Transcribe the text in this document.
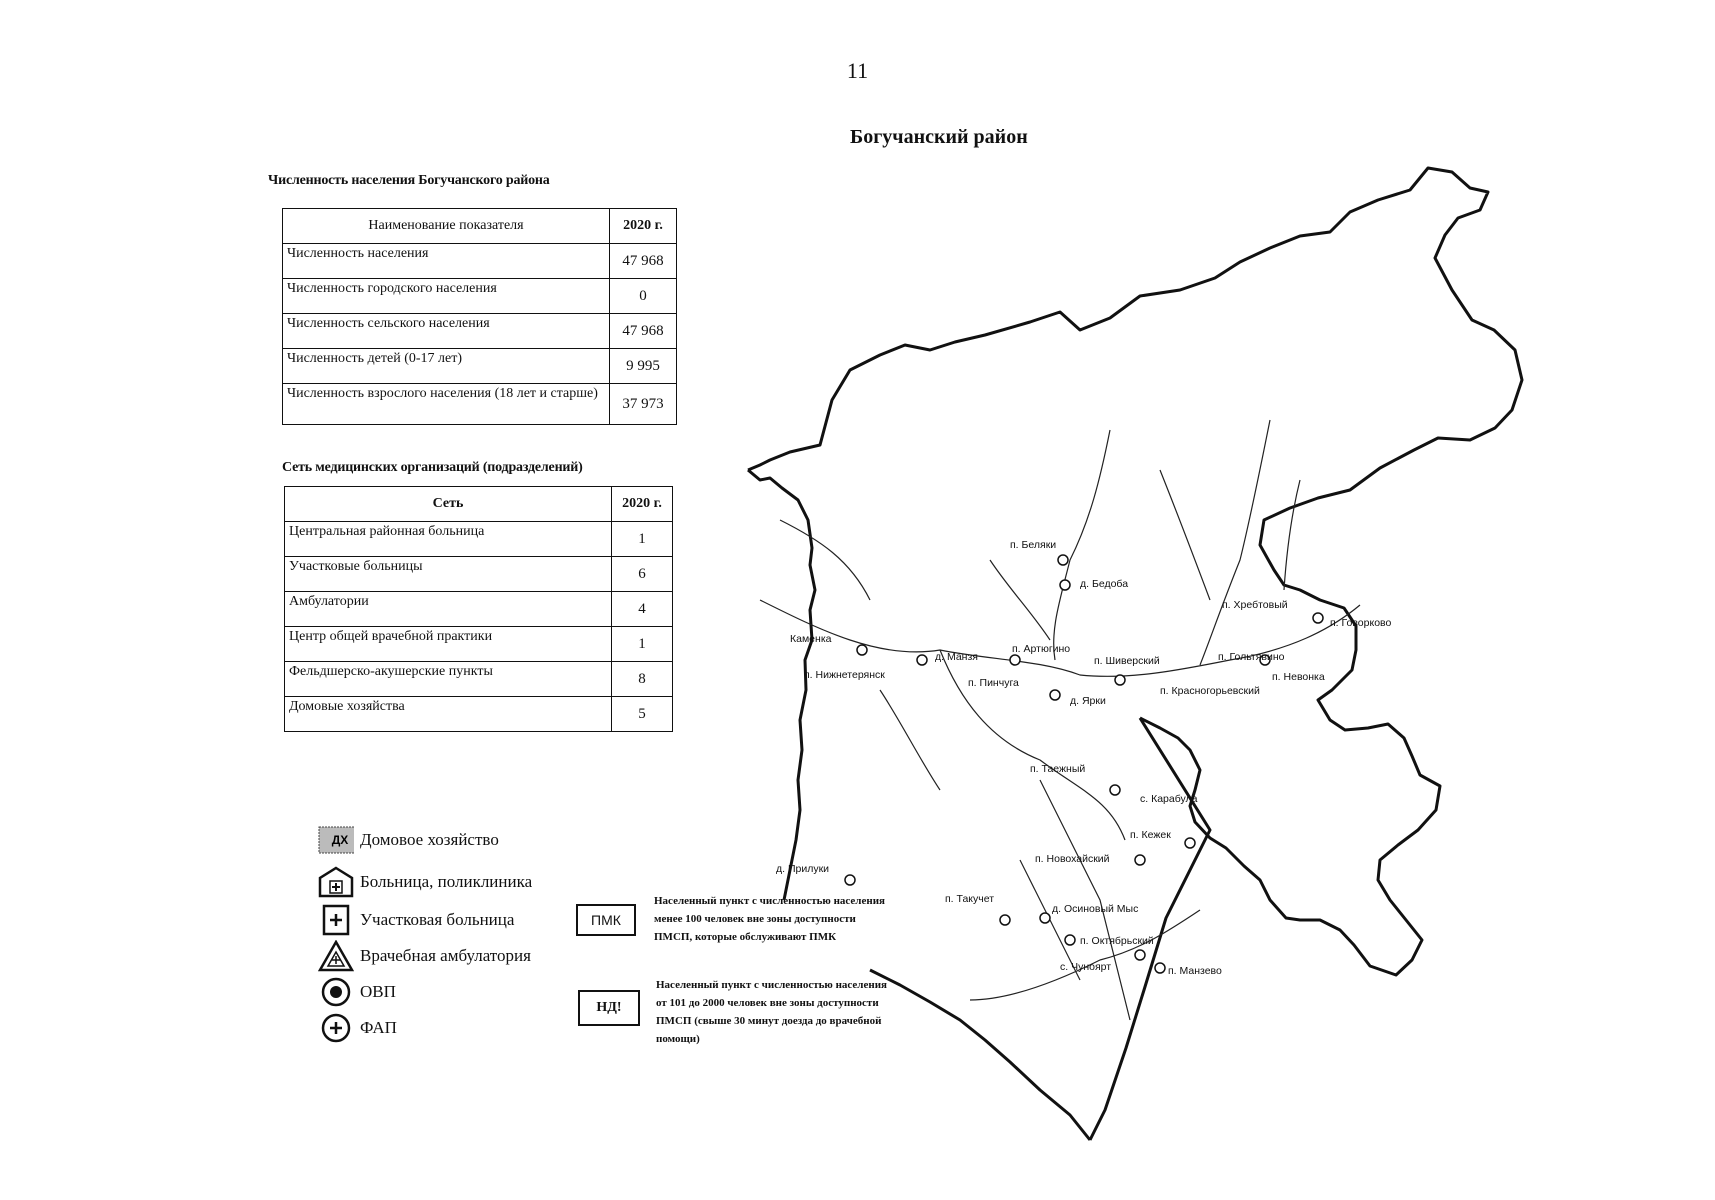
11
Богучанский район
Численность населения Богучанского района
Наименование показателя	2020 г.
Численность населения	47 968
Численность городского населения	0
Численность сельского населения	47 968
Численность детей (0-17 лет)	9 995
Численность взрослого населения (18 лет и старше)	37 973
Сеть медицинских организаций (подразделений)
Сеть	2020 г.
Центральная районная больница	1
Участковые больницы	6
Амбулатории	4
Центр общей врачебной практики	1
Фельдшерско-акушерские пункты	8
Домовые хозяйства	5
ДХ Домовое хозяйство
Больница, поликлиника
Участковая больница
Врачебная амбулатория
ОВП
ФАП
ПМК
Населенный пункт с численностью населения менее 100 человек вне зоны доступности ПМСП, которые обслуживают ПМК
НД!
Населенный пункт с численностью населения от 101 до 2000 человек вне зоны доступности ПМСП (свыше 30 минут доезда до врачебной помощи)
п. Беляки
д. Бедоба
п. Хребтовый
п. Говорково
Каменка
п. Нижнетерянск
д. Манзя
п. Артюгино
п. Пинчуга
д. Ярки
п. Шиверский
п. Красногорьевский
п. Гольтявино
п. Невонка
п. Таежный
с. Карабула
п. Кежек
п. Новохайский
д. Прилуки
п. Такучет
д. Осиновый Мыс
п. Октябрьский
с. Чуноярт	п. Манзево
